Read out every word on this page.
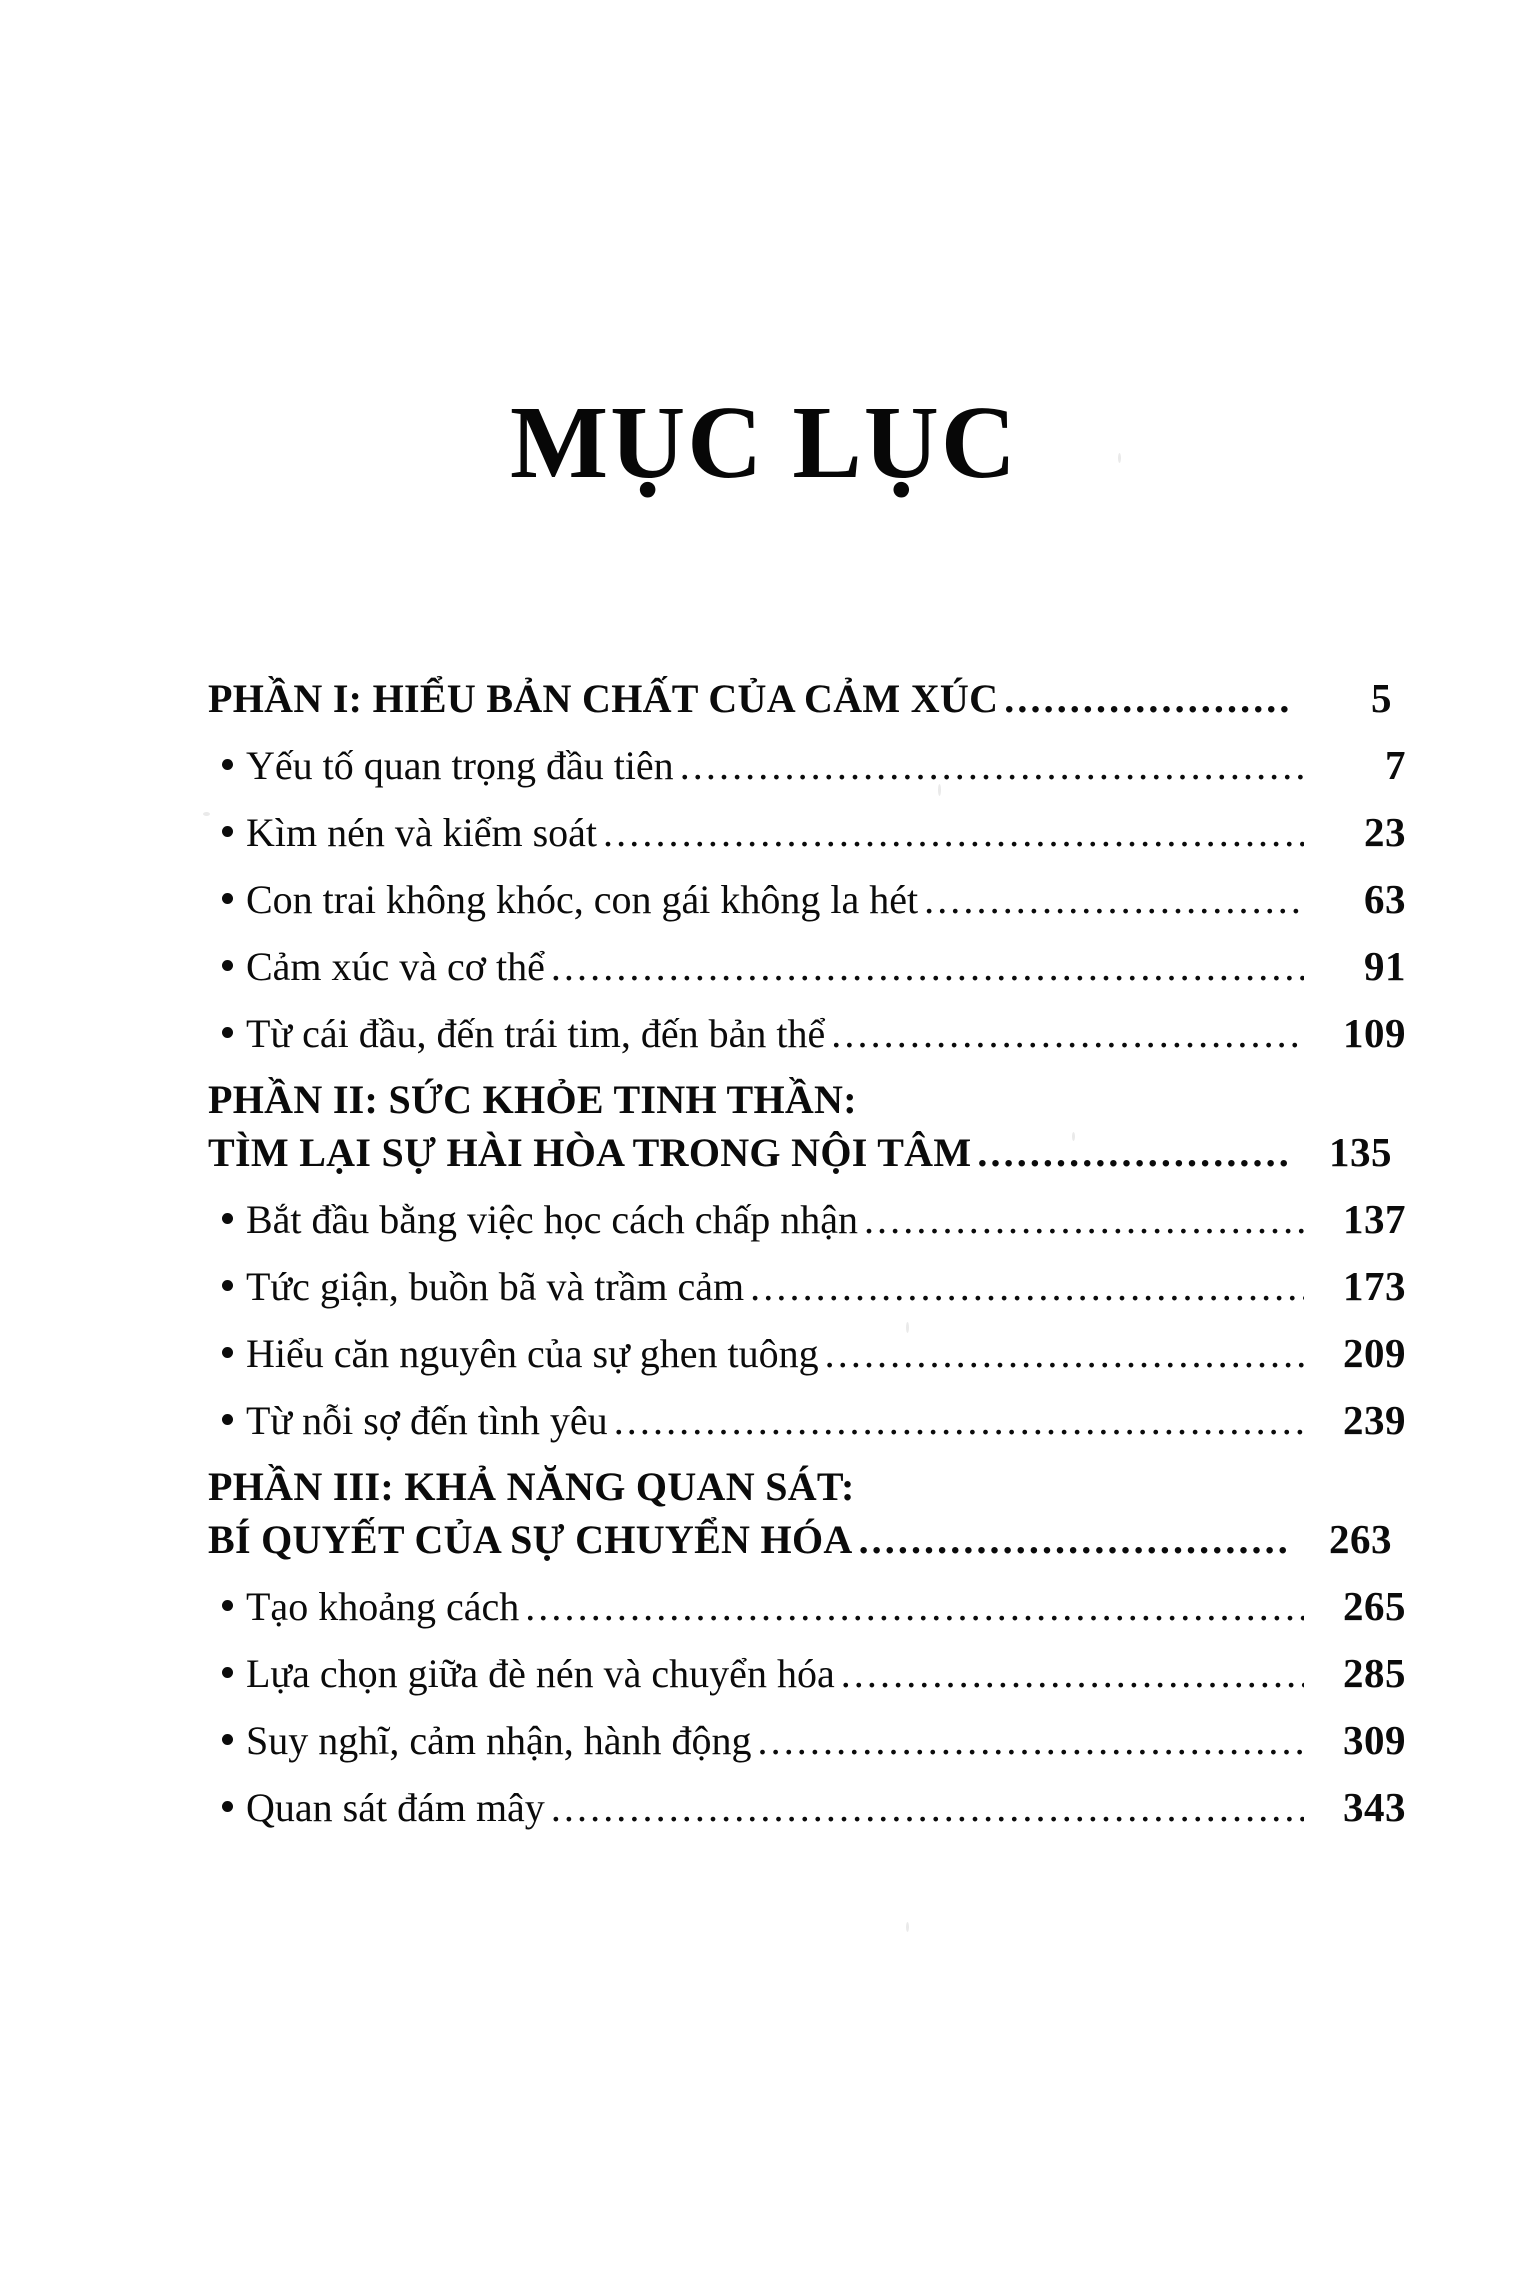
MỤC LỤC
PHẦN I: HIỂU BẢN CHẤT CỦA CẢM XÚC .....	5
Yếu tố quan trọng đầu tiên .....	7
Kìm nén và kiểm soát .....	23
Con trai không khóc, con gái không la hét .....	63
Cảm xúc và cơ thể .....	91
Từ cái đầu, đến trái tim, đến bản thể .....	109
PHẦN II: SỨC KHỎE TINH THẦN:
TÌM LẠI SỰ HÀI HÒA TRONG NỘI TÂM .....	135
Bắt đầu bằng việc học cách chấp nhận .....	137
Tức giận, buồn bã và trầm cảm .....	173
Hiểu căn nguyên của sự ghen tuông .....	209
Từ nỗi sợ đến tình yêu .....	239
PHẦN III: KHẢ NĂNG QUAN SÁT:
BÍ QUYẾT CỦA SỰ CHUYỂN HÓA .....	263
Tạo khoảng cách .....	265
Lựa chọn giữa đè nén và chuyển hóa .....	285
Suy nghĩ, cảm nhận, hành động .....	309
Quan sát đám mây .....	343
